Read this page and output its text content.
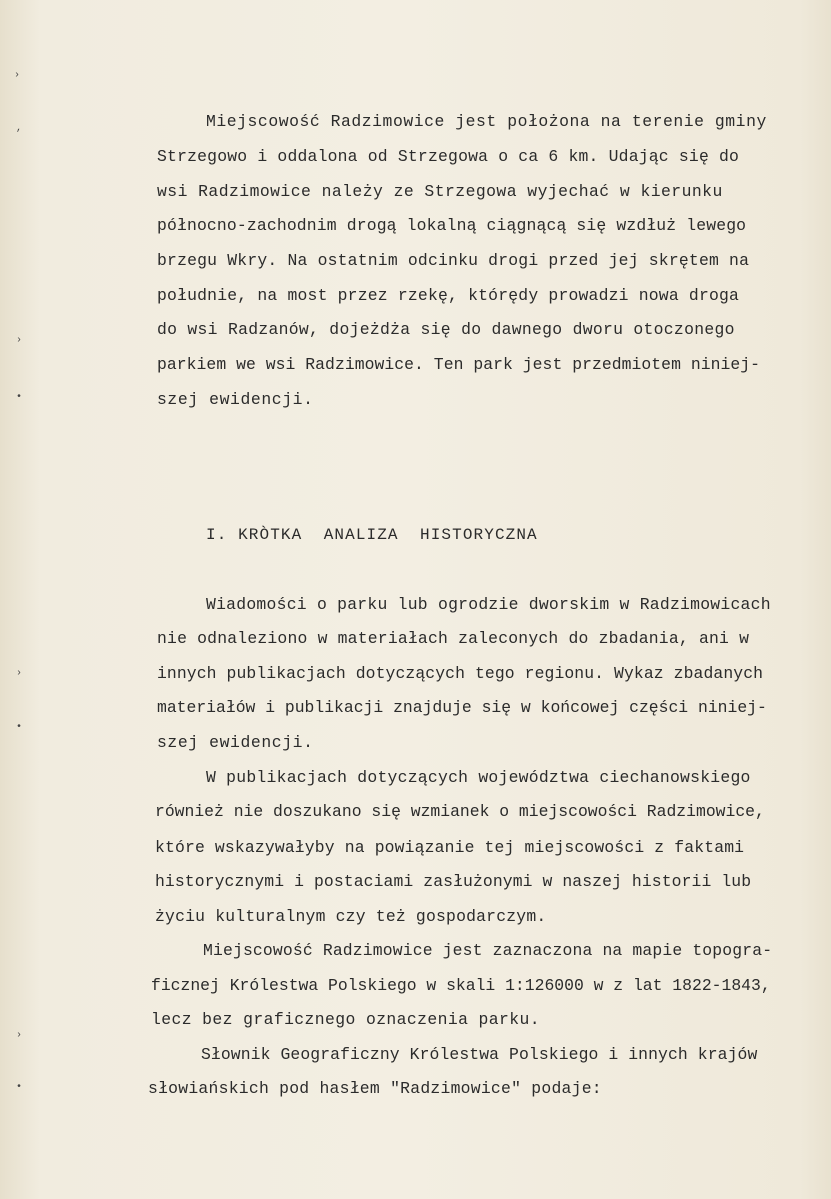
Miejscowość Radzimowice jest położona na terenie gminy
Strzegowo i oddalona od Strzegowa o ca 6 km. Udając się do
wsi Radzimowice należy ze Strzegowa wyjechać w kierunku
północno-zachodnim drogą lokalną ciągnącą się wzdłuż lewego
brzegu Wkry. Na ostatnim odcinku drogi przed jej skrętem na
południe, na most przez rzekę, którędy prowadzi nowa droga
do wsi Radzanów, dojeżdża się do dawnego dworu otoczonego
parkiem we wsi Radzimowice. Ten park jest przedmiotem niniej-
szej ewidencji.
I. KRÒTKA  ANALIZA  HISTORYCZNA
Wiadomości o parku lub ogrodzie dworskim w Radzimowicach
nie odnaleziono w materiałach zaleconych do zbadania, ani w
innych publikacjach dotyczących tego regionu. Wykaz zbadanych
materiałów i publikacji znajduje się w końcowej części niniej-
szej ewidencji.
W publikacjach dotyczących województwa ciechanowskiego
również nie doszukano się wzmianek o miejscowości Radzimowice,
które wskazywałyby na powiązanie tej miejscowości z faktami
historycznymi i postaciami zasłużonymi w naszej historii lub
życiu kulturalnym czy też gospodarczym.
Miejscowość Radzimowice jest zaznaczona na mapie topogra-
ficznej Królestwa Polskiego w skali 1:126000 w z lat 1822-1843,
lecz bez graficznego oznaczenia parku.
Słownik Geograficzny Królestwa Polskiego i innych krajów
słowiańskich pod hasłem "Radzimowice" podaje:
›
,
›
•
›
•
›
•
